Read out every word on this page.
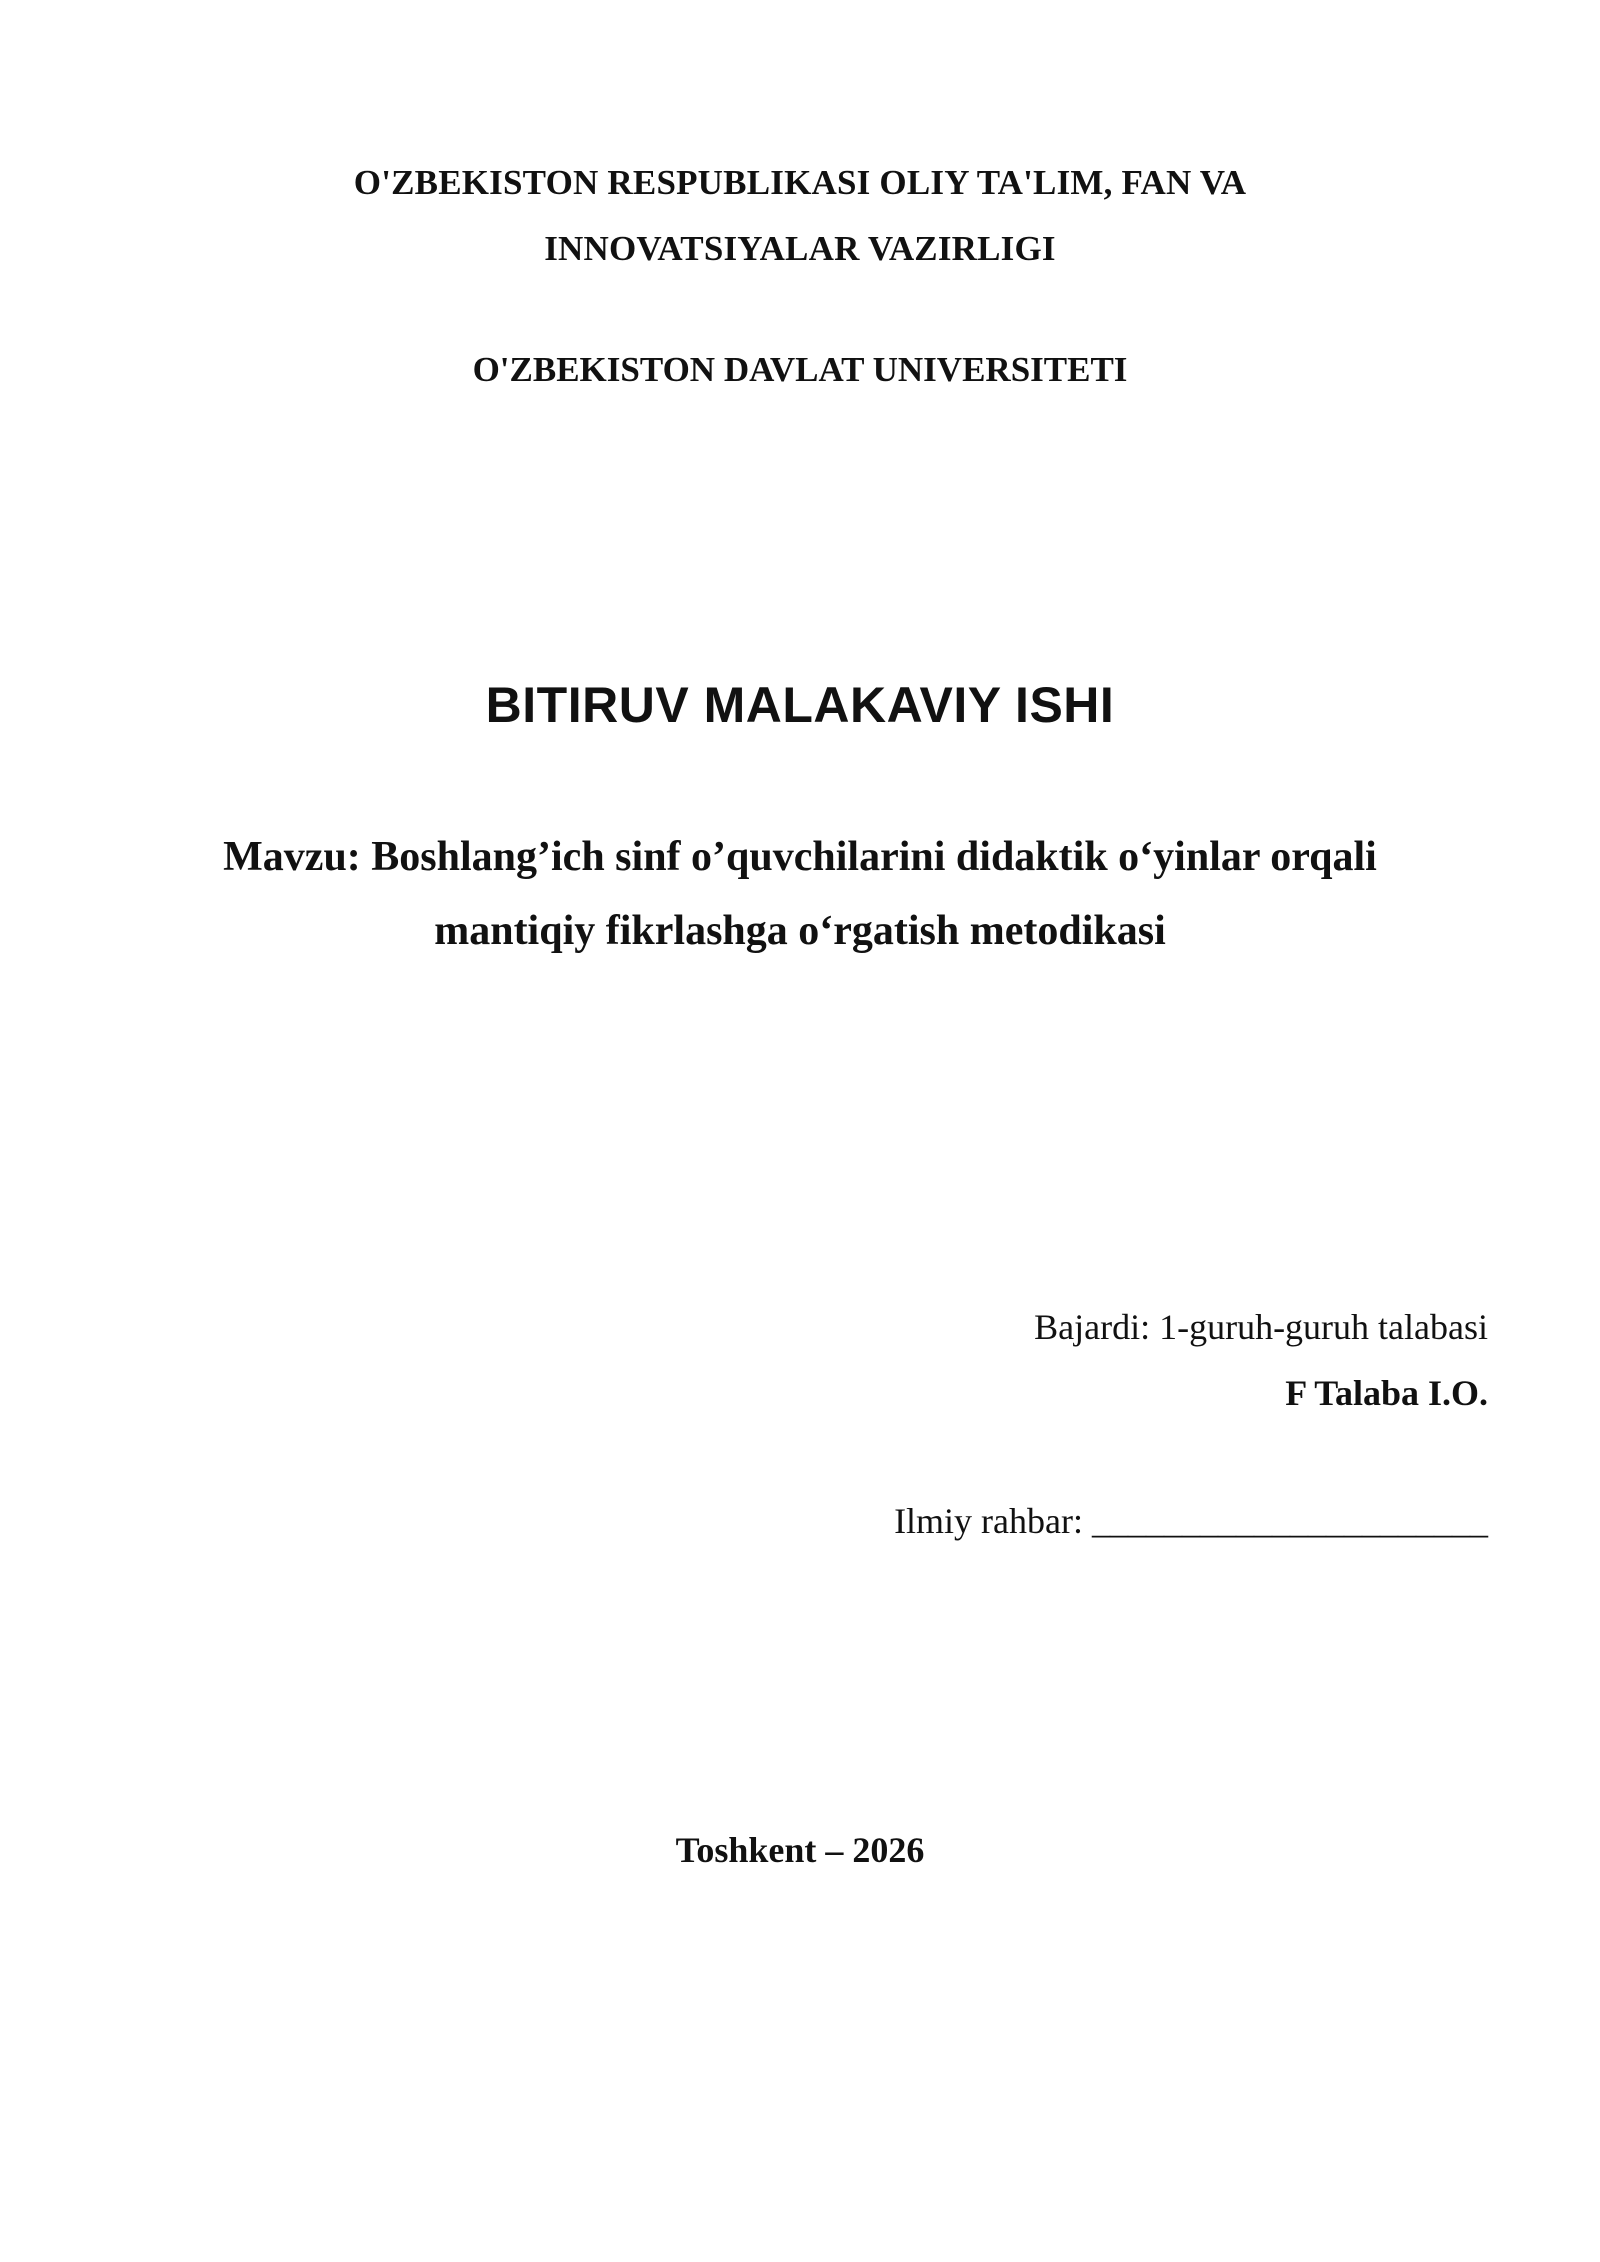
O'ZBEKISTON RESPUBLIKASI OLIY TA'LIM, FAN VA
INNOVATSIYALAR VAZIRLIGI
O'ZBEKISTON DAVLAT UNIVERSITETI
BITIRUV MALAKAVIY ISHI
Mavzu: Boshlang’ich sinf o’quvchilarini didaktik o‘yinlar orqali
mantiqiy fikrlashga o‘rgatish metodikasi
Bajardi: 1-guruh-guruh talabasi
F Talaba I.O.
Ilmiy rahbar: ______________________
Toshkent – 2026
